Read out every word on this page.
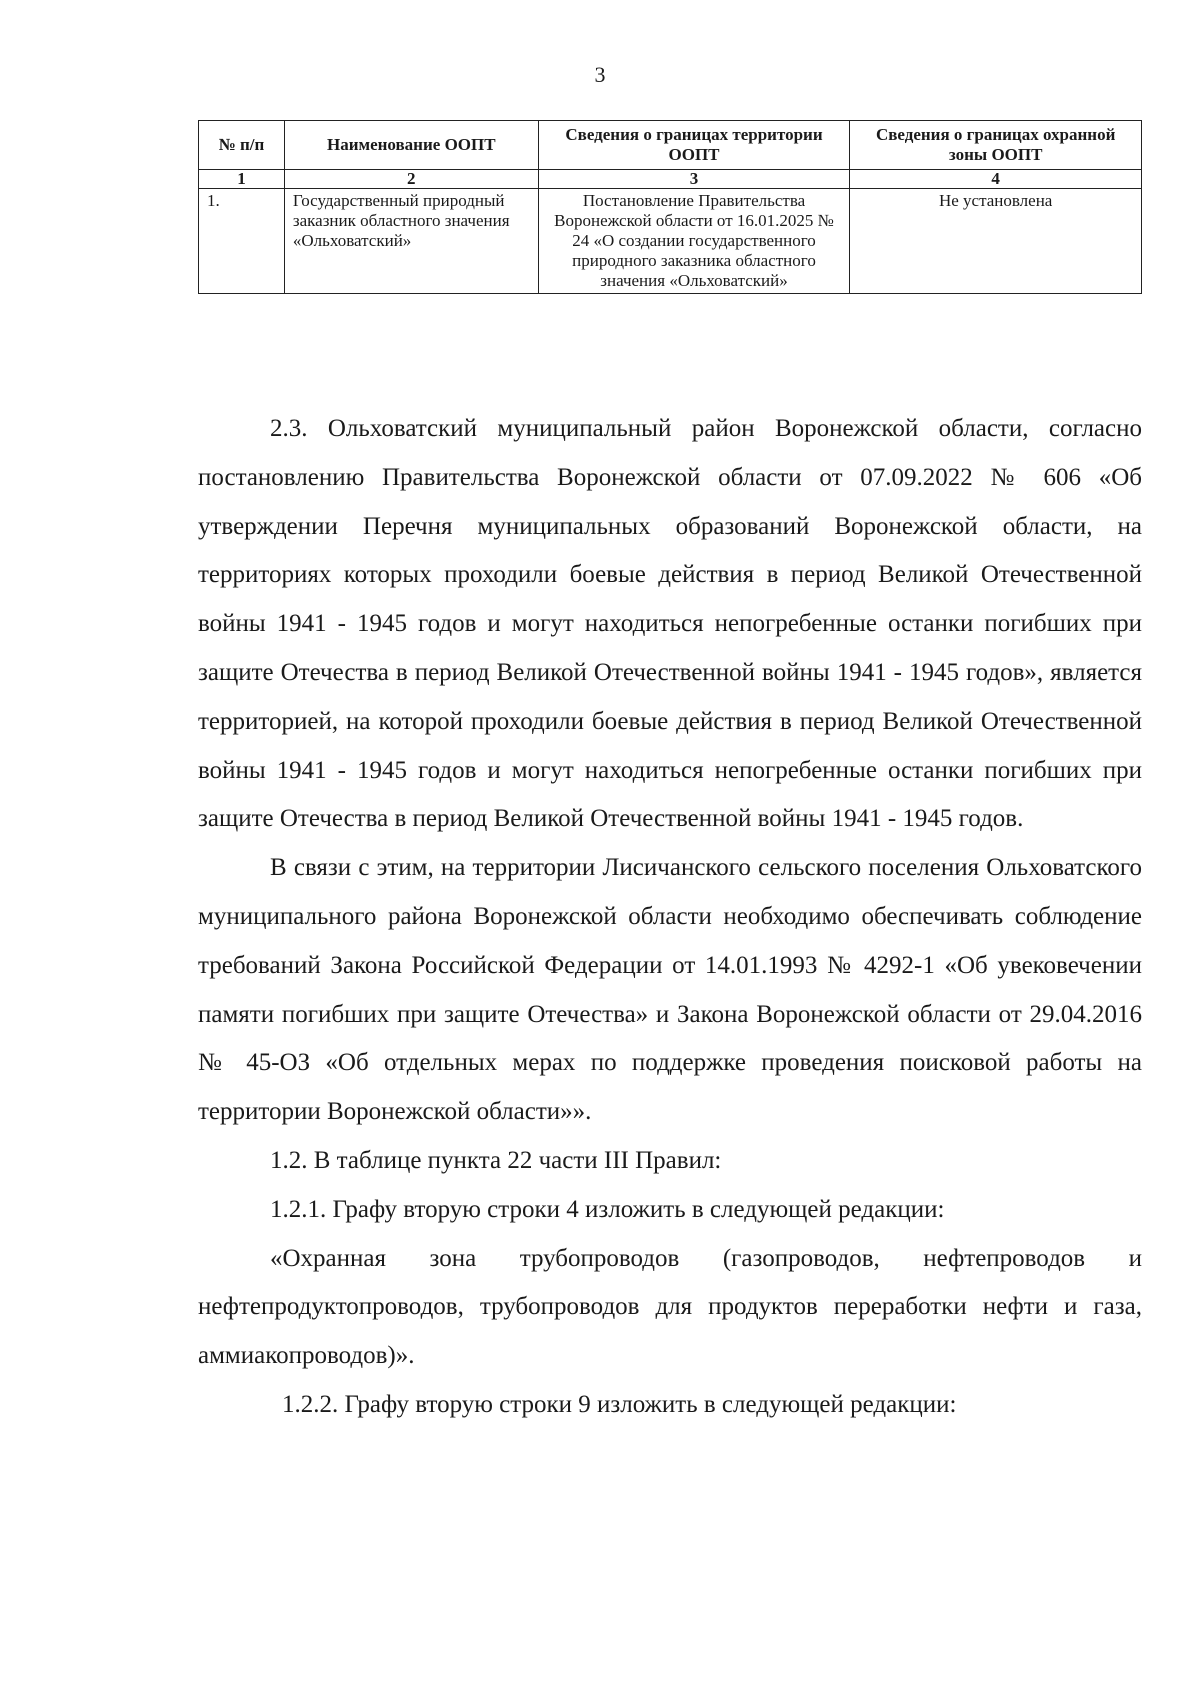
3
№ п/п	Наименование ООПТ	Сведения о границах территории ООПТ	Сведения о границах охранной зоны ООПТ
1	2	3	4
1.	Государственный природный заказник областного значения «Ольховатский»	Постановление Правительства Воронежской области от 16.01.2025 № 24 «О создании государственного природного заказника областного значения «Ольховатский»	Не установлена

2.3. Ольховатский муниципальный район Воронежской области, согласно постановлению Правительства Воронежской области от 07.09.2022 № 606 «Об утверждении Перечня муниципальных образований Воронежской области, на территориях которых проходили боевые действия в период Великой Отечественной войны 1941 - 1945 годов и могут находиться непогребенные останки погибших при защите Отечества в период Великой Отечественной войны 1941 - 1945 годов», является территорией, на которой проходили боевые действия в период Великой Отечественной войны 1941 - 1945 годов и могут находиться непогребенные останки погибших при защите Отечества в период Великой Отечественной войны 1941 - 1945 годов.

В связи с этим, на территории Лисичанского сельского поселения Ольховатского муниципального района Воронежской области необходимо обеспечивать соблюдение требований Закона Российской Федерации от 14.01.1993 № 4292-1 «Об увековечении памяти погибших при защите Отечества» и Закона Воронежской области от 29.04.2016 № 45-ОЗ «Об отдельных мерах по поддержке проведения поисковой работы на территории Воронежской области»».

1.2. В таблице пункта 22 части III Правил:

1.2.1. Графу вторую строки 4 изложить в следующей редакции:

«Охранная зона трубопроводов (газопроводов, нефтепроводов и нефтепродуктопроводов, трубопроводов для продуктов переработки нефти и газа, аммиакопроводов)».

1.2.2. Графу вторую строки 9 изложить в следующей редакции:
